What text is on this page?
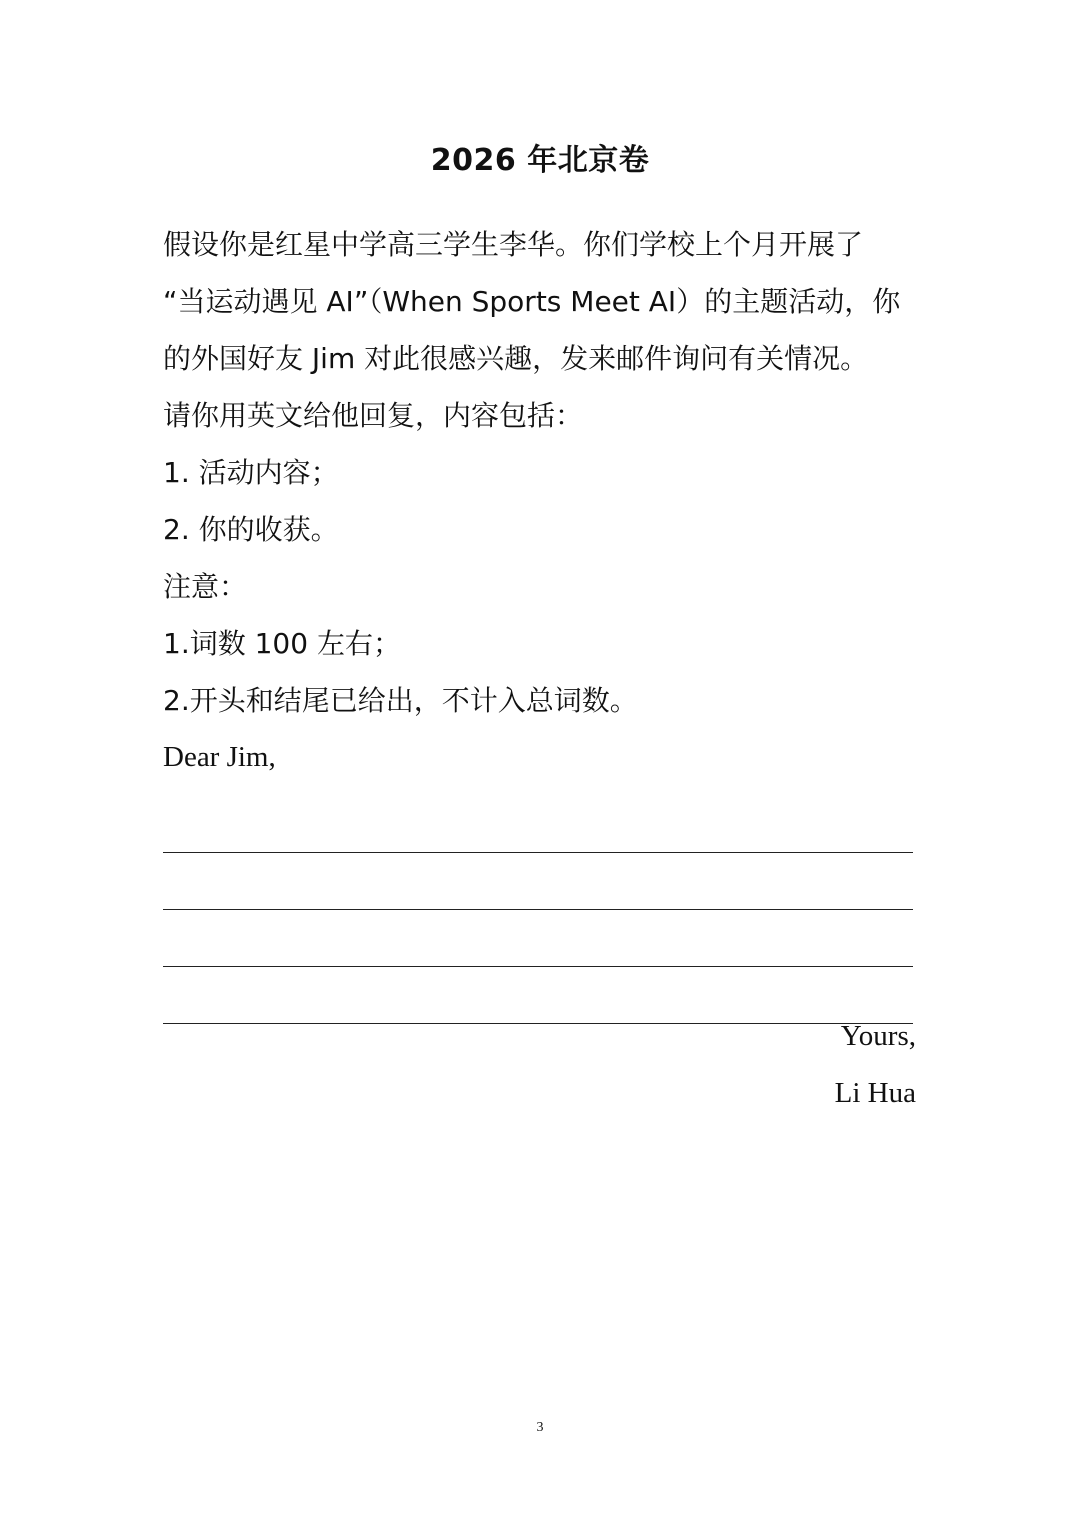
2026 年北京卷

假设你是红星中学高三学生李华。你们学校上个月开展了

“当运动遇见 AI”（When Sports Meet AI）的主题活动，你

的外国好友 Jim 对此很感兴趣，发来邮件询问有关情况。

请你用英文给他回复，内容包括：

1. 活动内容；

2. 你的收获。

注意：

1.词数 100 左右；

2.开头和结尾已给出，不计入总词数。

Dear Jim,

Yours,
Li Hua
3
